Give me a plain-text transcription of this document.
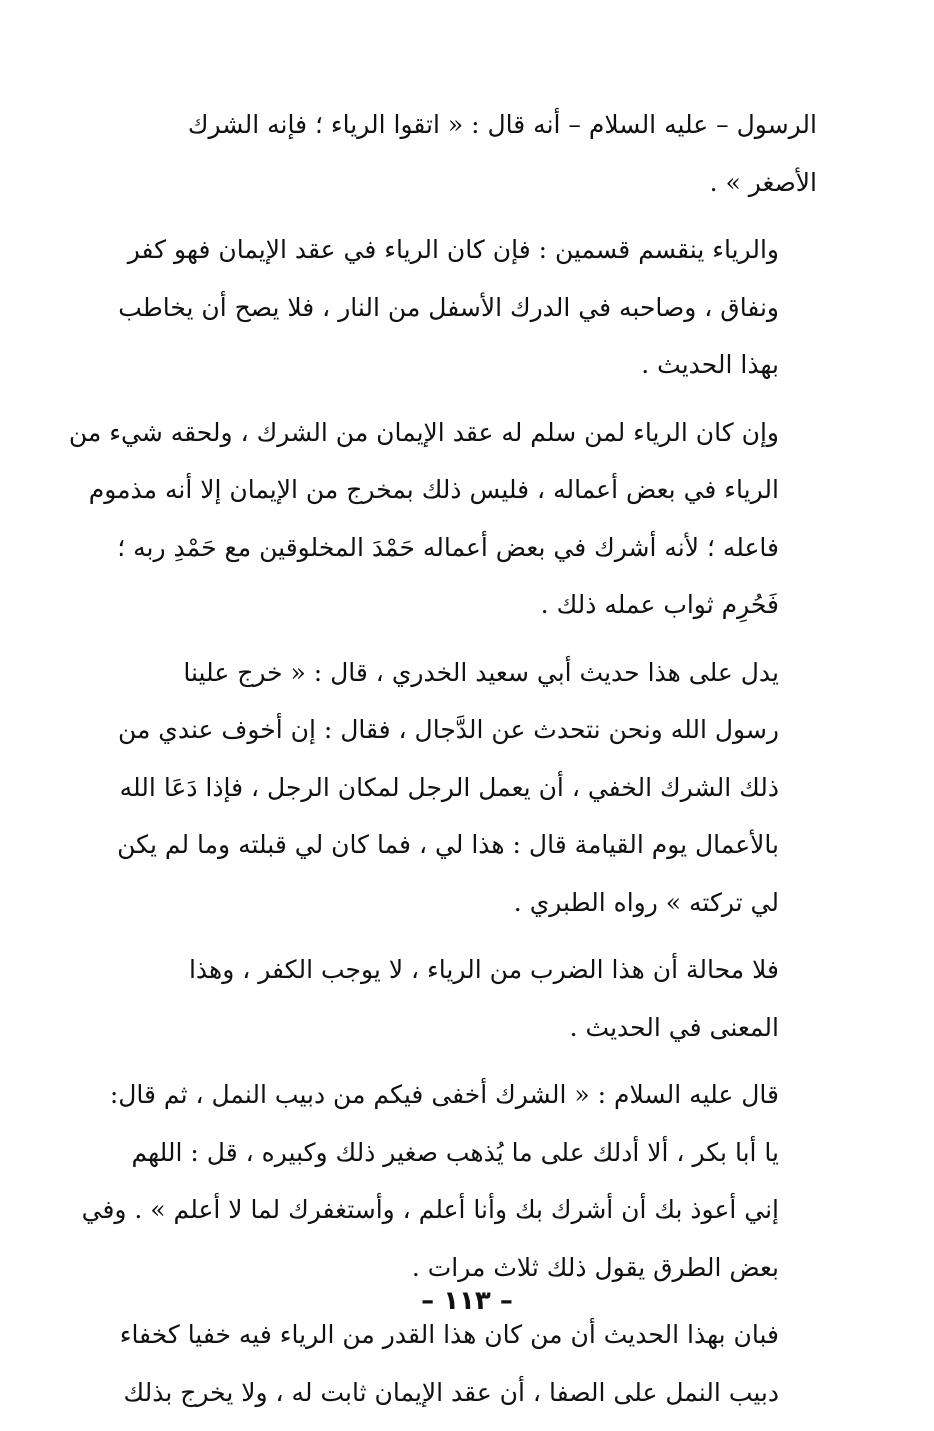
الرسول – عليه السلام – أنه قال : « اتقوا الرياء ؛ فإنه الشرك
الأصغر » .

والرياء ينقسم قسمين : فإن كان الرياء في عقد الإيمان فهو كفر
ونفاق ، وصاحبه في الدرك الأسفل من النار ، فلا يصح أن يخاطب
بهذا الحديث .

وإن كان الرياء لمن سلم له عقد الإيمان من الشرك ، ولحقه شيء من
الرياء في بعض أعماله ، فليس ذلك بمخرج من الإيمان إلا أنه مذموم
فاعله ؛ لأنه أشرك في بعض أعماله حَمْدَ المخلوقين مع حَمْدِ ربه ؛
فَحُرِم ثواب عمله ذلك .

يدل على هذا حديث أبي سعيد الخدري ، قال : « خرج علينا
رسول الله ونحن نتحدث عن الدَّجال ، فقال : إن أخوف عندي من
ذلك الشرك الخفي ، أن يعمل الرجل لمكان الرجل ، فإذا دَعَا الله
بالأعمال يوم القيامة قال : هذا لي ، فما كان لي قبلته وما لم يكن
لي تركته » رواه الطبري .

فلا محالة أن هذا الضرب من الرياء ، لا يوجب الكفر ، وهذا
المعنى في الحديث .

قال عليه السلام : « الشرك أخفى فيكم من دبيب النمل ، ثم قال:
يا أبا بكر ، ألا أدلك على ما يُذهب صغير ذلك وكبيره ، قل : اللهم
إني أعوذ بك أن أشرك بك وأنا أعلم ، وأستغفرك لما لا أعلم » . وفي
بعض الطرق يقول ذلك ثلاث مرات .

فبان بهذا الحديث أن من كان هذا القدر من الرياء فيه خفيا كخفاء
دبيب النمل على الصفا ، أن عقد الإيمان ثابت له ، ولا يخرج بذلك

– ١١٣ –
